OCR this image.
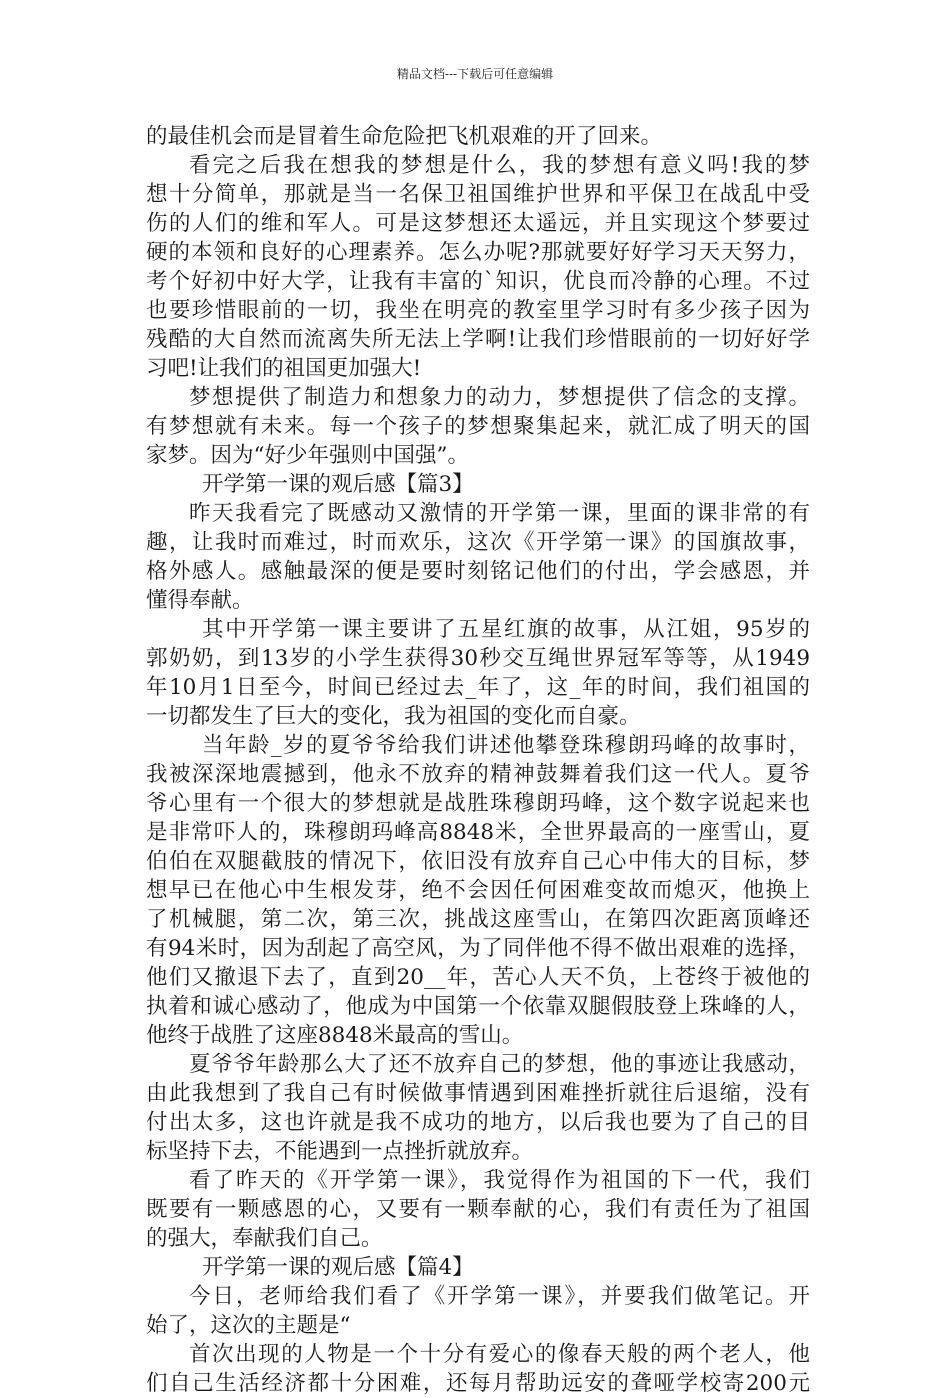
精品文档---下载后可任意编辑
的最佳机会而是冒着生命危险把飞机艰难的开了回来。
看完之后我在想我的梦想是什么，我的梦想有意义吗!我的梦
想十分简单，那就是当一名保卫祖国维护世界和平保卫在战乱中受
伤的人们的维和军人。可是这梦想还太遥远，并且实现这个梦要过
硬的本领和良好的心理素养。怎么办呢?那就要好好学习天天努力，
考个好初中好大学，让我有丰富的`知识，优良而冷静的心理。不过
也要珍惜眼前的一切，我坐在明亮的教室里学习时有多少孩子因为
残酷的大自然而流离失所无法上学啊!让我们珍惜眼前的一切好好学
习吧!让我们的祖国更加强大!
梦想提供了制造力和想象力的动力，梦想提供了信念的支撑。
有梦想就有未来。每一个孩子的梦想聚集起来，就汇成了明天的国
家梦。因为“好少年强则中国强”。
开学第一课的观后感【篇3】
昨天我看完了既感动又激情的开学第一课，里面的课非常的有
趣，让我时而难过，时而欢乐，这次《开学第一课》的国旗故事，
格外感人。感触最深的便是要时刻铭记他们的付出，学会感恩，并
懂得奉献。
其中开学第一课主要讲了五星红旗的故事，从江姐，95岁的
郭奶奶，到13岁的小学生获得30秒交互绳世界冠军等等，从1949
年10月1日至今，时间已经过去_年了，这_年的时间，我们祖国的
一切都发生了巨大的变化，我为祖国的变化而自豪。
当年龄_岁的夏爷爷给我们讲述他攀登珠穆朗玛峰的故事时，
我被深深地震撼到，他永不放弃的精神鼓舞着我们这一代人。夏爷
爷心里有一个很大的梦想就是战胜珠穆朗玛峰，这个数字说起来也
是非常吓人的，珠穆朗玛峰高8848米，全世界最高的一座雪山，夏
伯伯在双腿截肢的情况下，依旧没有放弃自己心中伟大的目标，梦
想早已在他心中生根发芽，绝不会因任何困难变故而熄灭，他换上
了机械腿，第二次，第三次，挑战这座雪山，在第四次距离顶峰还
有94米时，因为刮起了高空风，为了同伴他不得不做出艰难的选择，
他们又撤退下去了，直到20__年，苦心人天不负，上苍终于被他的
执着和诚心感动了，他成为中国第一个依靠双腿假肢登上珠峰的人，
他终于战胜了这座8848米最高的雪山。
夏爷爷年龄那么大了还不放弃自己的梦想，他的事迹让我感动，
由此我想到了我自己有时候做事情遇到困难挫折就往后退缩，没有
付出太多，这也许就是我不成功的地方，以后我也要为了自己的目
标坚持下去，不能遇到一点挫折就放弃。
看了昨天的《开学第一课》，我觉得作为祖国的下一代，我们
既要有一颗感恩的心，又要有一颗奉献的心，我们有责任为了祖国
的强大，奉献我们自己。
开学第一课的观后感【篇4】
今日，老师给我们看了《开学第一课》，并要我们做笔记。开
始了，这次的主题是“
首次出现的人物是一个十分有爱心的像春天般的两个老人，他
们自己生活经济都十分困难，还每月帮助远安的聋哑学校寄200元
